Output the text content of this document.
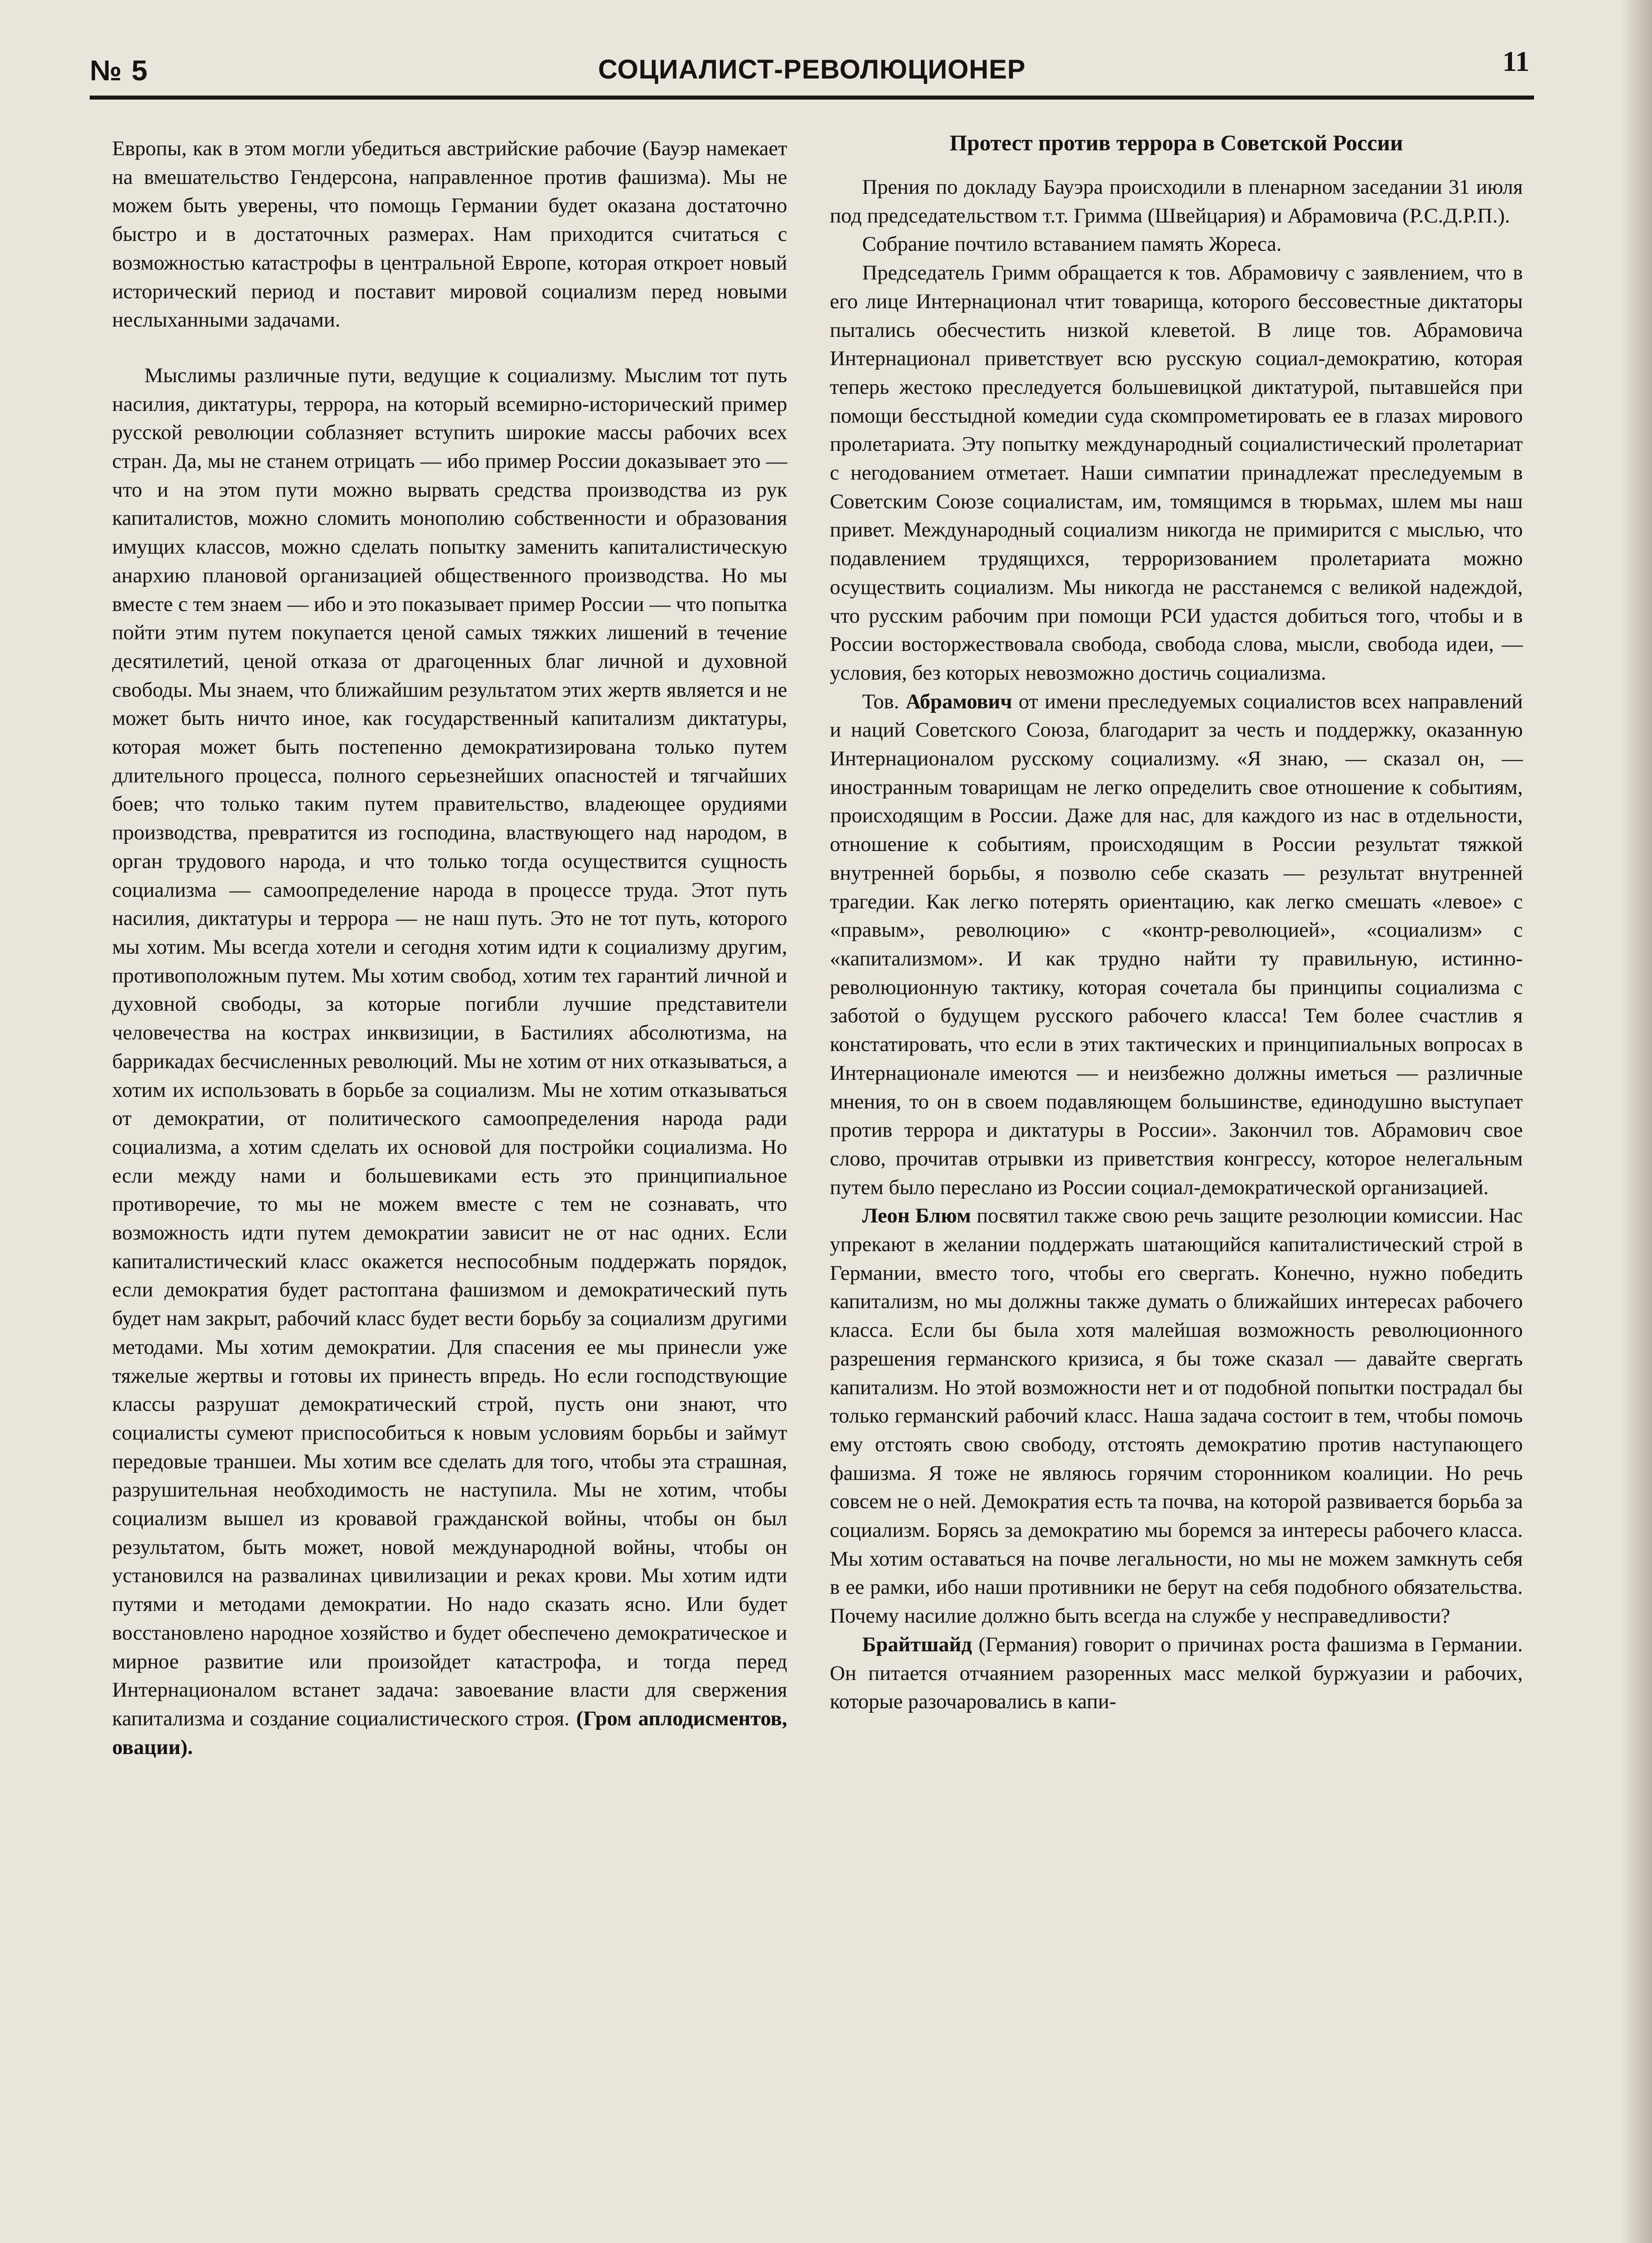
№ 5	СОЦИАЛИСТ-РЕВОЛЮЦИОНЕР	11

Европы, как в этом могли убедиться австрийские рабочие (Бауэр намекает на вмешательство Гендерсона, направленное против фашизма). Мы не можем быть уверены, что помощь Германии будет оказана достаточно быстро и в достаточных размерах. Нам приходится считаться с возможностью катастрофы в центральной Европе, которая откроет новый исторический период и поставит мировой социализм перед новыми неслыханными задачами.

Мыслимы различные пути, ведущие к социализму. Мыслим тот путь насилия, диктатуры, террора, на который всемирно-исторический пример русской революции соблазняет вступить широкие массы рабочих всех стран. Да, мы не станем отрицать — ибо пример России доказывает это — что и на этом пути можно вырвать средства производства из рук капиталистов, можно сломить монополию собственности и образования имущих классов, можно сделать попытку заменить капиталистическую анархию плановой организацией общественного производства. Но мы вместе с тем знаем — ибо и это показывает пример России — что попытка пойти этим путем покупается ценой самых тяжких лишений в течение десятилетий, ценой отказа от драгоценных благ личной и духовной свободы. Мы знаем, что ближайшим результатом этих жертв является и не может быть ничто иное, как государственный капитализм диктатуры, которая может быть постепенно демократизирована только путем длительного процесса, полного серьезнейших опасностей и тягчайших боев; что только таким путем правительство, владеющее орудиями производства, превратится из господина, властвующего над народом, в орган трудового народа, и что только тогда осуществится сущность социализма — самоопределение народа в процессе труда. Этот путь насилия, диктатуры и террора — не наш путь. Это не тот путь, которого мы хотим. Мы всегда хотели и сегодня хотим идти к социализму другим, противоположным путем. Мы хотим свобод, хотим тех гарантий личной и духовной свободы, за которые погибли лучшие представители человечества на кострах инквизиции, в Бастилиях абсолютизма, на баррикадах бесчисленных революций. Мы не хотим от них отказываться, а хотим их использовать в борьбе за социализм. Мы не хотим отказываться от демократии, от политического самоопределения народа ради социализма, а хотим сделать их основой для постройки социализма. Но если между нами и большевиками есть это принципиальное противоречие, то мы не можем вместе с тем не сознавать, что возможность идти путем демократии зависит не от нас одних. Если капиталистический класс окажется неспособным поддержать порядок, если демократия будет растоптана фашизмом и демократический путь будет нам закрыт, рабочий класс будет вести борьбу за социализм другими методами. Мы хотим демократии. Для спасения ее мы принесли уже тяжелые жертвы и готовы их принесть впредь. Но если господствующие классы разрушат демократический строй, пусть они знают, что социалисты сумеют приспособиться к новым условиям борьбы и займут передовые траншеи. Мы хотим все сделать для того, чтобы эта страшная, разрушительная необходимость не наступила. Мы не хотим, чтобы социализм вышел из кровавой гражданской войны, чтобы он был результатом, быть может, новой международной войны, чтобы он установился на развалинах цивилизации и реках крови. Мы хотим идти путями и методами демократии. Но надо сказать ясно. Или будет восстановлено народное хозяйство и будет обеспечено демократическое и мирное развитие или произойдет катастрофа, и тогда перед Интернационалом встанет задача: завоевание власти для свержения капитализма и создание социалистического строя. (Гром аплодисментов, овации).

Протест против террора в Советской России

Прения по докладу Бауэра происходили в пленарном заседании 31 июля под председательством т.т. Гримма (Швейцария) и Абрамовича (Р.С.Д.Р.П.).

Собрание почтило вставанием память Жореса.

Председатель Гримм обращается к тов. Абрамовичу с заявлением, что в его лице Интернационал чтит товарища, которого бессовестные диктаторы пытались обесчестить низкой клеветой. В лице тов. Абрамовича Интернационал приветствует всю русскую социал-демократию, которая теперь жестоко преследуется большевицкой диктатурой, пытавшейся при помощи бесстыдной комедии суда скомпрометировать ее в глазах мирового пролетариата. Эту попытку международный социалистический пролетариат с негодованием отметает. Наши симпатии принадлежат преследуемым в Советским Союзе социалистам, им, томящимся в тюрьмах, шлем мы наш привет. Международный социализм никогда не примирится с мыслью, что подавлением трудящихся, терроризованием пролетариата можно осуществить социализм. Мы никогда не расстанемся с великой надеждой, что русским рабочим при помощи РСИ удастся добиться того, чтобы и в России восторжествовала свобода, свобода слова, мысли, свобода идеи, — условия, без которых невозможно достичь социализма.

Тов. Абрамович от имени преследуемых социалистов всех направлений и наций Советского Союза, благодарит за честь и поддержку, оказанную Интернационалом русскому социализму. «Я знаю, — сказал он, — иностранным товарищам не легко определить свое отношение к событиям, происходящим в России. Даже для нас, для каждого из нас в отдельности, отношение к событиям, происходящим в России результат тяжкой внутренней борьбы, я позволю себе сказать — результат внутренней трагедии. Как легко потерять ориентацию, как легко смешать «левое» с «правым», революцию» с «контр-революцией», «социализм» с «капитализмом». И как трудно найти ту правильную, истинно-революционную тактику, которая сочетала бы принципы социализма с заботой о будущем русского рабочего класса! Тем более счастлив я констатировать, что если в этих тактических и принципиальных вопросах в Интернационале имеются — и неизбежно должны иметься — различные мнения, то он в своем подавляющем большинстве, единодушно выступает против террора и диктатуры в России». Закончил тов. Абрамович свое слово, прочитав отрывки из приветствия конгрессу, которое нелегальным путем было переслано из России социал-демократической организацией.

Леон Блюм посвятил также свою речь защите резолюции комиссии. Нас упрекают в желании поддержать шатающийся капиталистический строй в Германии, вместо того, чтобы его свергать. Конечно, нужно победить капитализм, но мы должны также думать о ближайших интересах рабочего класса. Если бы была хотя малейшая возможность революционного разрешения германского кризиса, я бы тоже сказал — давайте свергать капитализм. Но этой возможности нет и от подобной попытки пострадал бы только германский рабочий класс. Наша задача состоит в тем, чтобы помочь ему отстоять свою свободу, отстоять демократию против наступающего фашизма. Я тоже не являюсь горячим сторонником коалиции. Но речь совсем не о ней. Демократия есть та почва, на которой развивается борьба за социализм. Борясь за демократию мы боремся за интересы рабочего класса. Мы хотим оставаться на почве легальности, но мы не можем замкнуть себя в ее рамки, ибо наши противники не берут на себя подобного обязательства. Почему насилие должно быть всегда на службе у несправедливости?

Брайтшайд (Германия) говорит о причинах роста фашизма в Германии. Он питается отчаянием разоренных масс мелкой буржуазии и рабочих, которые разочаровались в капи-
